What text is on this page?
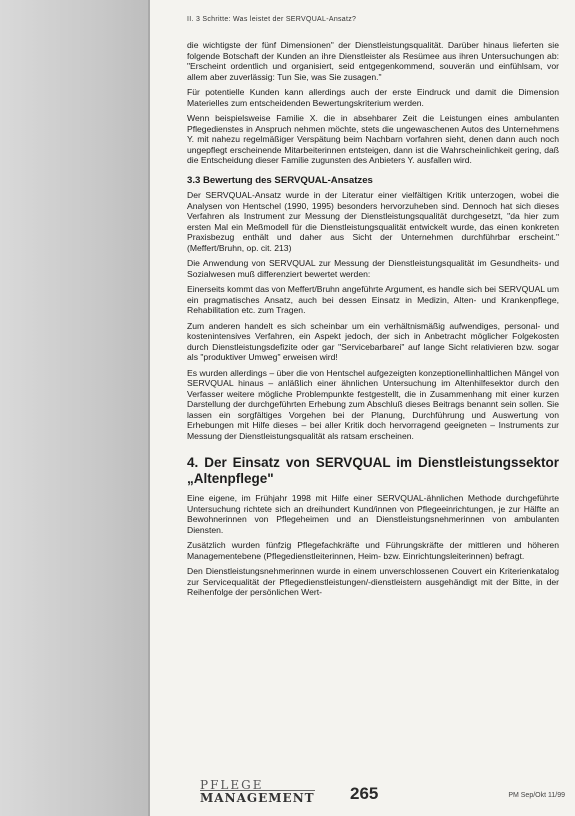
II. 3 Schritte: Was leistet der SERVQUAL-Ansatz?

die wichtigste der fünf Dimensionen" der Dienstleistungsqualität. Darüber hinaus lieferten sie folgende Botschaft der Kunden an ihre Dienstleister als Resümee aus ihren Untersuchungen ab: "Erscheint ordentlich und organisiert, seid entgegenkommend, souverän und einfühlsam, vor allem aber zuverlässig: Tun Sie, was Sie zusagen."

Für potentielle Kunden kann allerdings auch der erste Eindruck und damit die Dimension Materielles zum entscheidenden Bewertungskriterium werden.

Wenn beispielsweise Familie X. die in absehbarer Zeit die Leistungen eines ambulanten Pflegedienstes in Anspruch nehmen möchte, stets die ungewaschenen Autos des Unternehmens Y. mit nahezu regelmäßiger Verspätung beim Nachbarn vorfahren sieht, denen dann auch noch ungepflegt erscheinende Mitarbeiterinnen entsteigen, dann ist die Wahrscheinlichkeit gering, daß die Entscheidung dieser Familie zugunsten des Anbieters Y. ausfallen wird.

3.3 Bewertung des SERVQUAL-Ansatzes

Der SERVQUAL-Ansatz wurde in der Literatur einer vielfältigen Kritik unterzogen, wobei die Analysen von Hentschel (1990, 1995) besonders hervorzuheben sind. Dennoch hat sich dieses Verfahren als Instrument zur Messung der Dienstleistungsqualität durchgesetzt, "da hier zum ersten Mal ein Meßmodell für die Dienstleistungsqualität entwickelt wurde, das einen konkreten Praxisbezug enthält und daher aus Sicht der Unternehmen durchführbar erscheint." (Meffert/Bruhn, op. cit. 213)

Die Anwendung von SERVQUAL zur Messung der Dienstleistungsqualität im Gesundheits- und Sozialwesen muß differenziert bewertet werden:

Einerseits kommt das von Meffert/Bruhn angeführte Argument, es handle sich bei SERVQUAL um ein pragmatisches Ansatz, auch bei dessen Einsatz in Medizin, Alten- und Krankenpflege, Rehabilitation etc. zum Tragen.

Zum anderen handelt es sich scheinbar um ein verhältnismäßig aufwendiges, personal- und kostenintensives Verfahren, ein Aspekt jedoch, der sich in Anbetracht möglicher Folgekosten durch Dienstleistungsdefizite oder gar "Servicebarbarei" auf lange Sicht relativieren bzw. sogar als "produktiver Umweg" erweisen wird!

Es wurden allerdings – über die von Hentschel aufgezeigten konzeptionellinhaltlichen Mängel von SERVQUAL hinaus – anläßlich einer ähnlichen Untersuchung im Altenhilfesektor durch den Verfasser weitere mögliche Problempunkte festgestellt, die in Zusammenhang mit einer kurzen Darstellung der durchgeführten Erhebung zum Abschluß dieses Beitrags benannt sein sollen. Sie lassen ein sorgfältiges Vorgehen bei der Planung, Durchführung und Auswertung von Erhebungen mit Hilfe dieses – bei aller Kritik doch hervorragend geeigneten – Instruments zur Messung der Dienstleistungsqualität als ratsam erscheinen.

4. Der Einsatz von SERVQUAL im Dienstleistungssektor „Altenpflege"

Eine eigene, im Frühjahr 1998 mit Hilfe einer SERVQUAL-ähnlichen Methode durchgeführte Untersuchung richtete sich an dreihundert Kund/innen von Pflegeeinrichtungen, je zur Hälfte an Bewohnerinnen von Pflegeheimen und an Dienstleistungsnehmerinnen von ambulanten Diensten.

Zusätzlich wurden fünfzig Pflegefachkräfte und Führungskräfte der mittleren und höheren Managementebene (Pflegedienstleiterinnen, Heim- bzw. Einrichtungsleiterinnen) befragt.

Den Dienstleistungsnehmerinnen wurde in einem unverschlossenen Couvert ein Kriterienkatalog zur Servicequalität der Pflegedienstleistungen/-dienstleistern ausgehändigt mit der Bitte, in der Reihenfolge der persönlichen Wert-

PFLEGE
MANAGEMENT 265	PM Sep/Okt 11/99
